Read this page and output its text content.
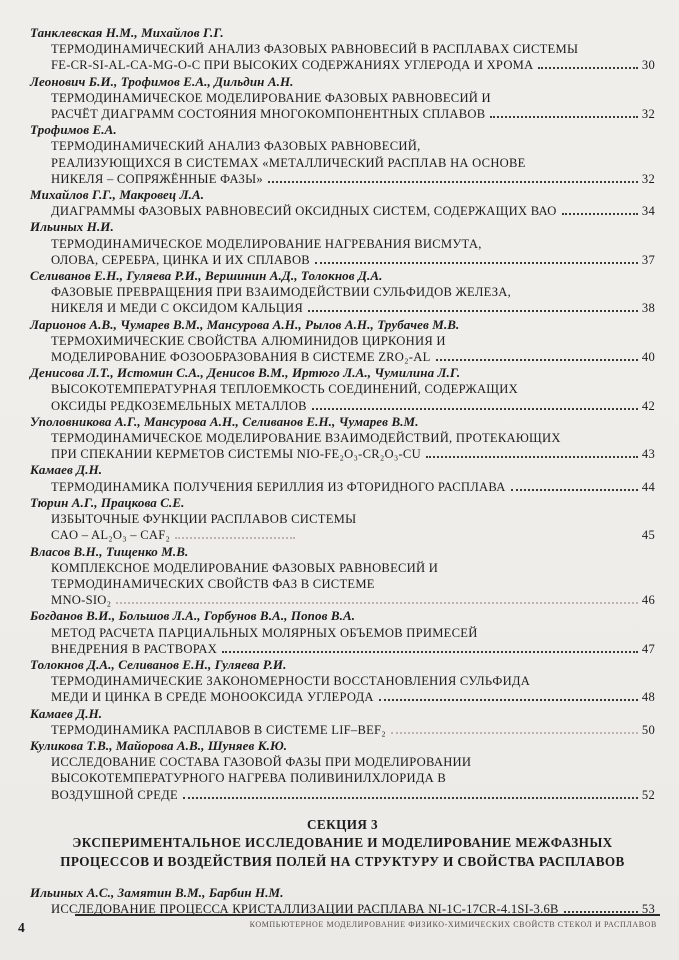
Танклевская Н.М., Михайлов Г.Г.
ТЕРМОДИНАМИЧЕСКИЙ АНАЛИЗ ФАЗОВЫХ РАВНОВЕСИЙ В РАСПЛАВАХ СИСТЕМЫ
FE-CR-SI-AL-CA-MG-O-C ПРИ ВЫСОКИХ СОДЕРЖАНИЯХ УГЛЕРОДА И ХРОМА	30
Леонович Б.И., Трофимов Е.А., Дильдин А.Н.
ТЕРМОДИНАМИЧЕСКОЕ МОДЕЛИРОВАНИЕ ФАЗОВЫХ РАВНОВЕСИЙ И
РАСЧЁТ ДИАГРАММ СОСТОЯНИЯ МНОГОКОМПОНЕНТНЫХ СПЛАВОВ	32
Трофимов Е.А.
ТЕРМОДИНАМИЧЕСКИЙ АНАЛИЗ ФАЗОВЫХ РАВНОВЕСИЙ,
РЕАЛИЗУЮЩИХСЯ В СИСТЕМАХ «МЕТАЛЛИЧЕСКИЙ РАСПЛАВ НА ОСНОВЕ
НИКЕЛЯ – СОПРЯЖЁННЫЕ ФАЗЫ»	32
Михайлов Г.Г., Макровец Л.А.
ДИАГРАММЫ ФАЗОВЫХ РАВНОВЕСИЙ ОКСИДНЫХ СИСТЕМ, СОДЕРЖАЩИХ ВАО	34
Ильиных Н.И.
ТЕРМОДИНАМИЧЕСКОЕ МОДЕЛИРОВАНИЕ НАГРЕВАНИЯ ВИСМУТА,
ОЛОВА, СЕРЕБРА, ЦИНКА И ИХ СПЛАВОВ	37
Селиванов Е.Н., Гуляева Р.И., Вершинин А.Д., Толокнов Д.А.
ФАЗОВЫЕ ПРЕВРАЩЕНИЯ ПРИ ВЗАИМОДЕЙСТВИИ СУЛЬФИДОВ ЖЕЛЕЗА,
НИКЕЛЯ И МЕДИ С ОКСИДОМ КАЛЬЦИЯ	38
Ларионов А.В., Чумарев В.М., Мансурова А.Н., Рылов А.Н., Трубачев М.В.
ТЕРМОХИМИЧЕСКИЕ СВОЙСТВА АЛЮМИНИДОВ ЦИРКОНИЯ И
МОДЕЛИРОВАНИЕ ФОЗООБРАЗОВАНИЯ В СИСТЕМЕ ZRO₂-AL	40
Денисова Л.Т., Истомин С.А., Денисов В.М., Иртюго Л.А., Чумилина Л.Г.
ВЫСОКОТЕМПЕРАТУРНАЯ ТЕПЛОЕМКОСТЬ СОЕДИНЕНИЙ, СОДЕРЖАЩИХ
ОКСИДЫ РЕДКОЗЕМЕЛЬНЫХ МЕТАЛЛОВ	42
Уполовникова А.Г., Мансурова А.Н., Селиванов Е.Н., Чумарев В.М.
ТЕРМОДИНАМИЧЕСКОЕ МОДЕЛИРОВАНИЕ ВЗАИМОДЕЙСТВИЙ, ПРОТЕКАЮЩИХ
ПРИ СПЕКАНИИ КЕРМЕТОВ СИСТЕМЫ NIO-FE₂O₃-CR₂O₃-CU	43
Камаев Д.Н.
ТЕРМОДИНАМИКА ПОЛУЧЕНИЯ БЕРИЛЛИЯ ИЗ ФТОРИДНОГО РАСПЛАВА	44
Тюрин А.Г., Працкова С.Е.
ИЗБЫТОЧНЫЕ ФУНКЦИИ РАСПЛАВОВ СИСТЕМЫ
CAO – AL₂O₃ – CAF₂	45
Власов В.Н., Тищенко М.В.
КОМПЛЕКСНОЕ МОДЕЛИРОВАНИЕ ФАЗОВЫХ РАВНОВЕСИЙ И
ТЕРМОДИНАМИЧЕСКИХ СВОЙСТВ ФАЗ В СИСТЕМЕ
MNO-SIO₂	46
Богданов В.И., Большов Л.А., Горбунов В.А., Попов В.А.
МЕТОД РАСЧЕТА ПАРЦИАЛЬНЫХ МОЛЯРНЫХ ОБЪЕМОВ ПРИМЕСЕЙ
ВНЕДРЕНИЯ В РАСТВОРАХ	47
Толокнов Д.А., Селиванов Е.Н., Гуляева Р.И.
ТЕРМОДИНАМИЧЕСКИЕ ЗАКОНОМЕРНОСТИ ВОССТАНОВЛЕНИЯ СУЛЬФИДА
МЕДИ И ЦИНКА В СРЕДЕ МОНООКСИДА УГЛЕРОДА	48
Камаев Д.Н.
ТЕРМОДИНАМИКА РАСПЛАВОВ В СИСТЕМЕ LIF–BEF₂	50
Куликова Т.В., Майорова А.В., Шуняев К.Ю.
ИССЛЕДОВАНИЕ СОСТАВА ГАЗОВОЙ ФАЗЫ ПРИ МОДЕЛИРОВАНИИ
ВЫСОКОТЕМПЕРАТУРНОГО НАГРЕВА ПОЛИВИНИЛХЛОРИДА В
ВОЗДУШНОЙ СРЕДЕ	52
СЕКЦИЯ 3
ЭКСПЕРИМЕНТАЛЬНОЕ ИССЛЕДОВАНИЕ И МОДЕЛИРОВАНИЕ МЕЖФАЗНЫХ
ПРОЦЕССОВ И ВОЗДЕЙСТВИЯ ПОЛЕЙ НА СТРУКТУРУ И СВОЙСТВА РАСПЛАВОВ
Ильиных А.С., Замятин В.М., Барбин Н.М.
ИССЛЕДОВАНИЕ ПРОЦЕССА КРИСТАЛЛИЗАЦИИ РАСПЛАВА NI-1C-17CR-4.1SI-3.6B	53
4	КОМПЬЮТЕРНОЕ МОДЕЛИРОВАНИЕ ФИЗИКО-ХИМИЧЕСКИХ СВОЙСТВ СТЕКОЛ И РАСПЛАВОВ
